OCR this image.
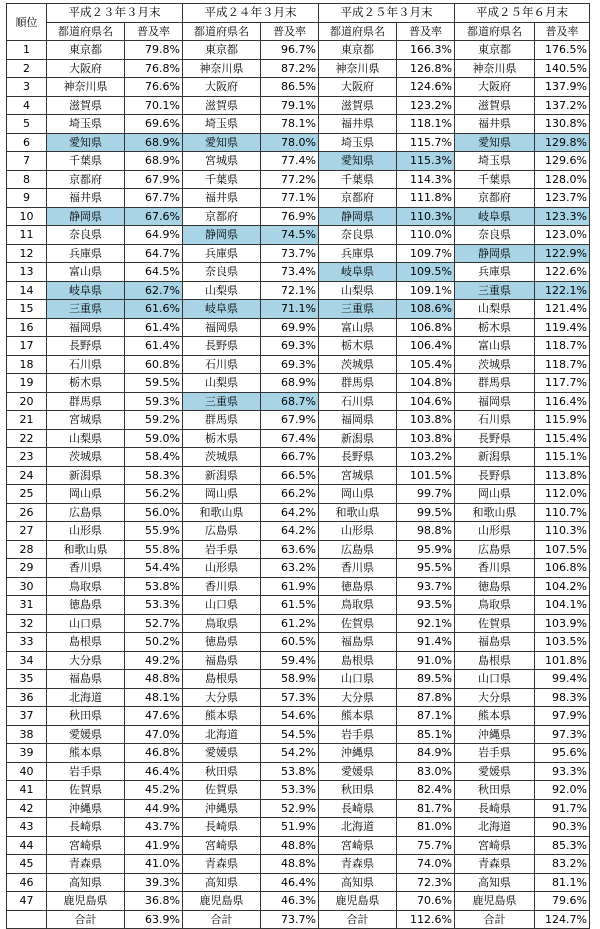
順位	平成２３年３月末		平成２４年３月末		平成２５年３月末		平成２５年６月末	
	都道府県名	普及率	都道府県名	普及率	都道府県名	普及率	都道府県名	普及率
1	東京都	79.8%	東京都	96.7%	東京都	166.3%	東京都	176.5%
2	大阪府	76.8%	神奈川県	87.2%	神奈川県	126.8%	神奈川県	140.5%
3	神奈川県	76.6%	大阪府	86.5%	大阪府	124.6%	大阪府	137.9%
4	滋賀県	70.1%	滋賀県	79.1%	滋賀県	123.2%	滋賀県	137.2%
5	埼玉県	69.6%	埼玉県	78.1%	福井県	118.1%	福井県	130.8%
6	愛知県	68.9%	愛知県	78.0%	埼玉県	115.7%	愛知県	129.8%
7	千葉県	68.9%	宮城県	77.4%	愛知県	115.3%	埼玉県	129.6%
8	京都府	67.9%	千葉県	77.2%	千葉県	114.3%	千葉県	128.0%
9	福井県	67.7%	福井県	77.1%	京都府	111.8%	京都府	123.7%
10	静岡県	67.6%	京都府	76.9%	静岡県	110.3%	岐阜県	123.3%
11	奈良県	64.9%	静岡県	74.5%	奈良県	110.0%	奈良県	123.0%
12	兵庫県	64.7%	兵庫県	73.7%	兵庫県	109.7%	静岡県	122.9%
13	富山県	64.5%	奈良県	73.4%	岐阜県	109.5%	兵庫県	122.6%
14	岐阜県	62.7%	山梨県	72.1%	山梨県	109.1%	三重県	122.1%
15	三重県	61.6%	岐阜県	71.1%	三重県	108.6%	山梨県	121.4%
16	福岡県	61.4%	福岡県	69.9%	富山県	106.8%	栃木県	119.4%
17	長野県	61.4%	長野県	69.3%	栃木県	106.4%	富山県	118.7%
18	石川県	60.8%	石川県	69.3%	茨城県	105.4%	茨城県	118.7%
19	栃木県	59.5%	山梨県	68.9%	群馬県	104.8%	群馬県	117.7%
20	群馬県	59.3%	三重県	68.7%	石川県	104.6%	福岡県	116.4%
21	宮城県	59.2%	群馬県	67.9%	福岡県	103.8%	石川県	115.9%
22	山梨県	59.0%	栃木県	67.4%	新潟県	103.8%	長野県	115.4%
23	茨城県	58.4%	茨城県	66.7%	長野県	103.2%	新潟県	115.1%
24	新潟県	58.3%	新潟県	66.5%	宮城県	101.5%	長野県	113.8%
25	岡山県	56.2%	岡山県	66.2%	岡山県	99.7%	岡山県	112.0%
26	広島県	56.0%	和歌山県	64.2%	和歌山県	99.5%	和歌山県	110.7%
27	山形県	55.9%	広島県	64.2%	山形県	98.8%	山形県	110.3%
28	和歌山県	55.8%	岩手県	63.6%	広島県	95.9%	広島県	107.5%
29	香川県	54.4%	山形県	63.2%	香川県	95.5%	香川県	106.8%
30	鳥取県	53.8%	香川県	61.9%	徳島県	93.7%	徳島県	104.2%
31	徳島県	53.3%	山口県	61.5%	鳥取県	93.5%	鳥取県	104.1%
32	山口県	52.7%	鳥取県	61.2%	佐賀県	92.1%	佐賀県	103.9%
33	島根県	50.2%	徳島県	60.5%	福島県	91.4%	福島県	103.5%
34	大分県	49.2%	福島県	59.4%	島根県	91.0%	島根県	101.8%
35	福島県	48.8%	島根県	58.9%	山口県	89.5%	山口県	99.4%
36	北海道	48.1%	大分県	57.3%	大分県	87.8%	大分県	98.3%
37	秋田県	47.6%	熊本県	54.6%	熊本県	87.1%	熊本県	97.9%
38	愛媛県	47.0%	北海道	54.5%	岩手県	85.1%	沖縄県	97.3%
39	熊本県	46.8%	愛媛県	54.2%	沖縄県	84.9%	岩手県	95.6%
40	岩手県	46.4%	秋田県	53.8%	愛媛県	83.0%	愛媛県	93.3%
41	佐賀県	45.2%	佐賀県	53.3%	秋田県	82.4%	秋田県	92.0%
42	沖縄県	44.9%	沖縄県	52.9%	長崎県	81.7%	長崎県	91.7%
43	長崎県	43.7%	長崎県	51.9%	北海道	81.0%	北海道	90.3%
44	宮崎県	41.9%	宮崎県	48.8%	宮崎県	75.7%	宮崎県	85.3%
45	青森県	41.0%	青森県	48.8%	青森県	74.0%	青森県	83.2%
46	高知県	39.3%	高知県	46.4%	高知県	72.3%	高知県	81.1%
47	鹿児島県	36.8%	鹿児島県	46.3%	鹿児島県	70.6%	鹿児島県	79.6%
	合計	63.9%	合計	73.7%	合計	112.6%	合計	124.7%
